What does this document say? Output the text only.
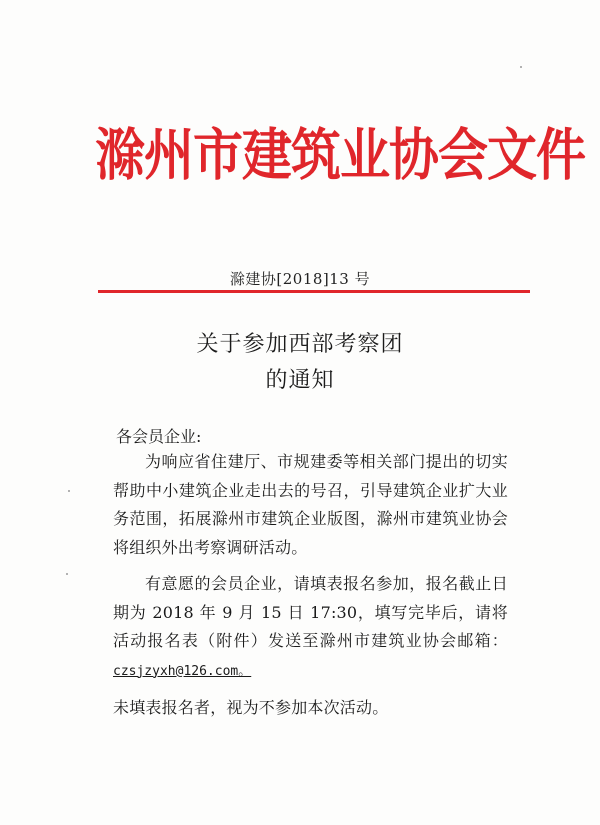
滁州市建筑业协会文件
滁建协[2018]13 号
关于参加西部考察团
的通知
各会员企业:

为响应省住建厅、市规建委等相关部门提出的切实帮助中小建筑企业走出去的号召，引导建筑企业扩大业务范围，拓展滁州市建筑企业版图，滁州市建筑业协会将组织外出考察调研活动。

有意愿的会员企业，请填表报名参加，报名截止日期为 2018 年 9 月 15 日 17:30，填写完毕后，请将活动报名表（附件）发送至滁州市建筑业协会邮箱：czsjzyxh@126.com。

未填表报名者，视为不参加本次活动。
